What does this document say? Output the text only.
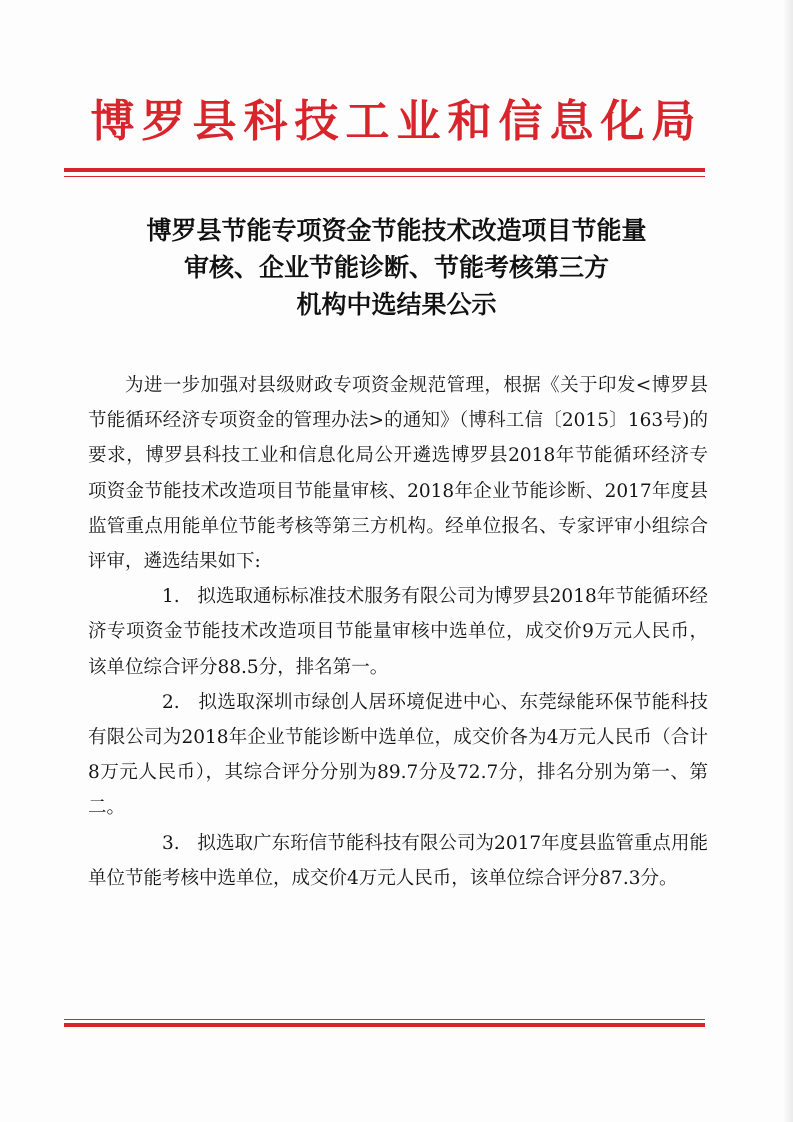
博罗县科技工业和信息化局
博罗县节能专项资金节能技术改造项目节能量
审核、企业节能诊断、节能考核第三方
机构中选结果公示

为进一步加强对县级财政专项资金规范管理，根据《关于印发<博罗县节能循环经济专项资金的管理办法>的通知》（博科工信〔2015〕163号)的要求，博罗县科技工业和信息化局公开遴选博罗县2018年节能循环经济专项资金节能技术改造项目节能量审核、2018年企业节能诊断、2017年度县监管重点用能单位节能考核等第三方机构。经单位报名、专家评审小组综合评审，遴选结果如下:

1. 拟选取通标标准技术服务有限公司为博罗县2018年节能循环经济专项资金节能技术改造项目节能量审核中选单位，成交价9万元人民币，该单位综合评分88.5分，排名第一。

2. 拟选取深圳市绿创人居环境促进中心、东莞绿能环保节能科技有限公司为2018年企业节能诊断中选单位，成交价各为4万元人民币（合计8万元人民币），其综合评分分别为89.7分及72.7分，排名分别为第一、第二。

3. 拟选取广东珩信节能科技有限公司为2017年度县监管重点用能单位节能考核中选单位，成交价4万元人民币，该单位综合评分87.3分。
